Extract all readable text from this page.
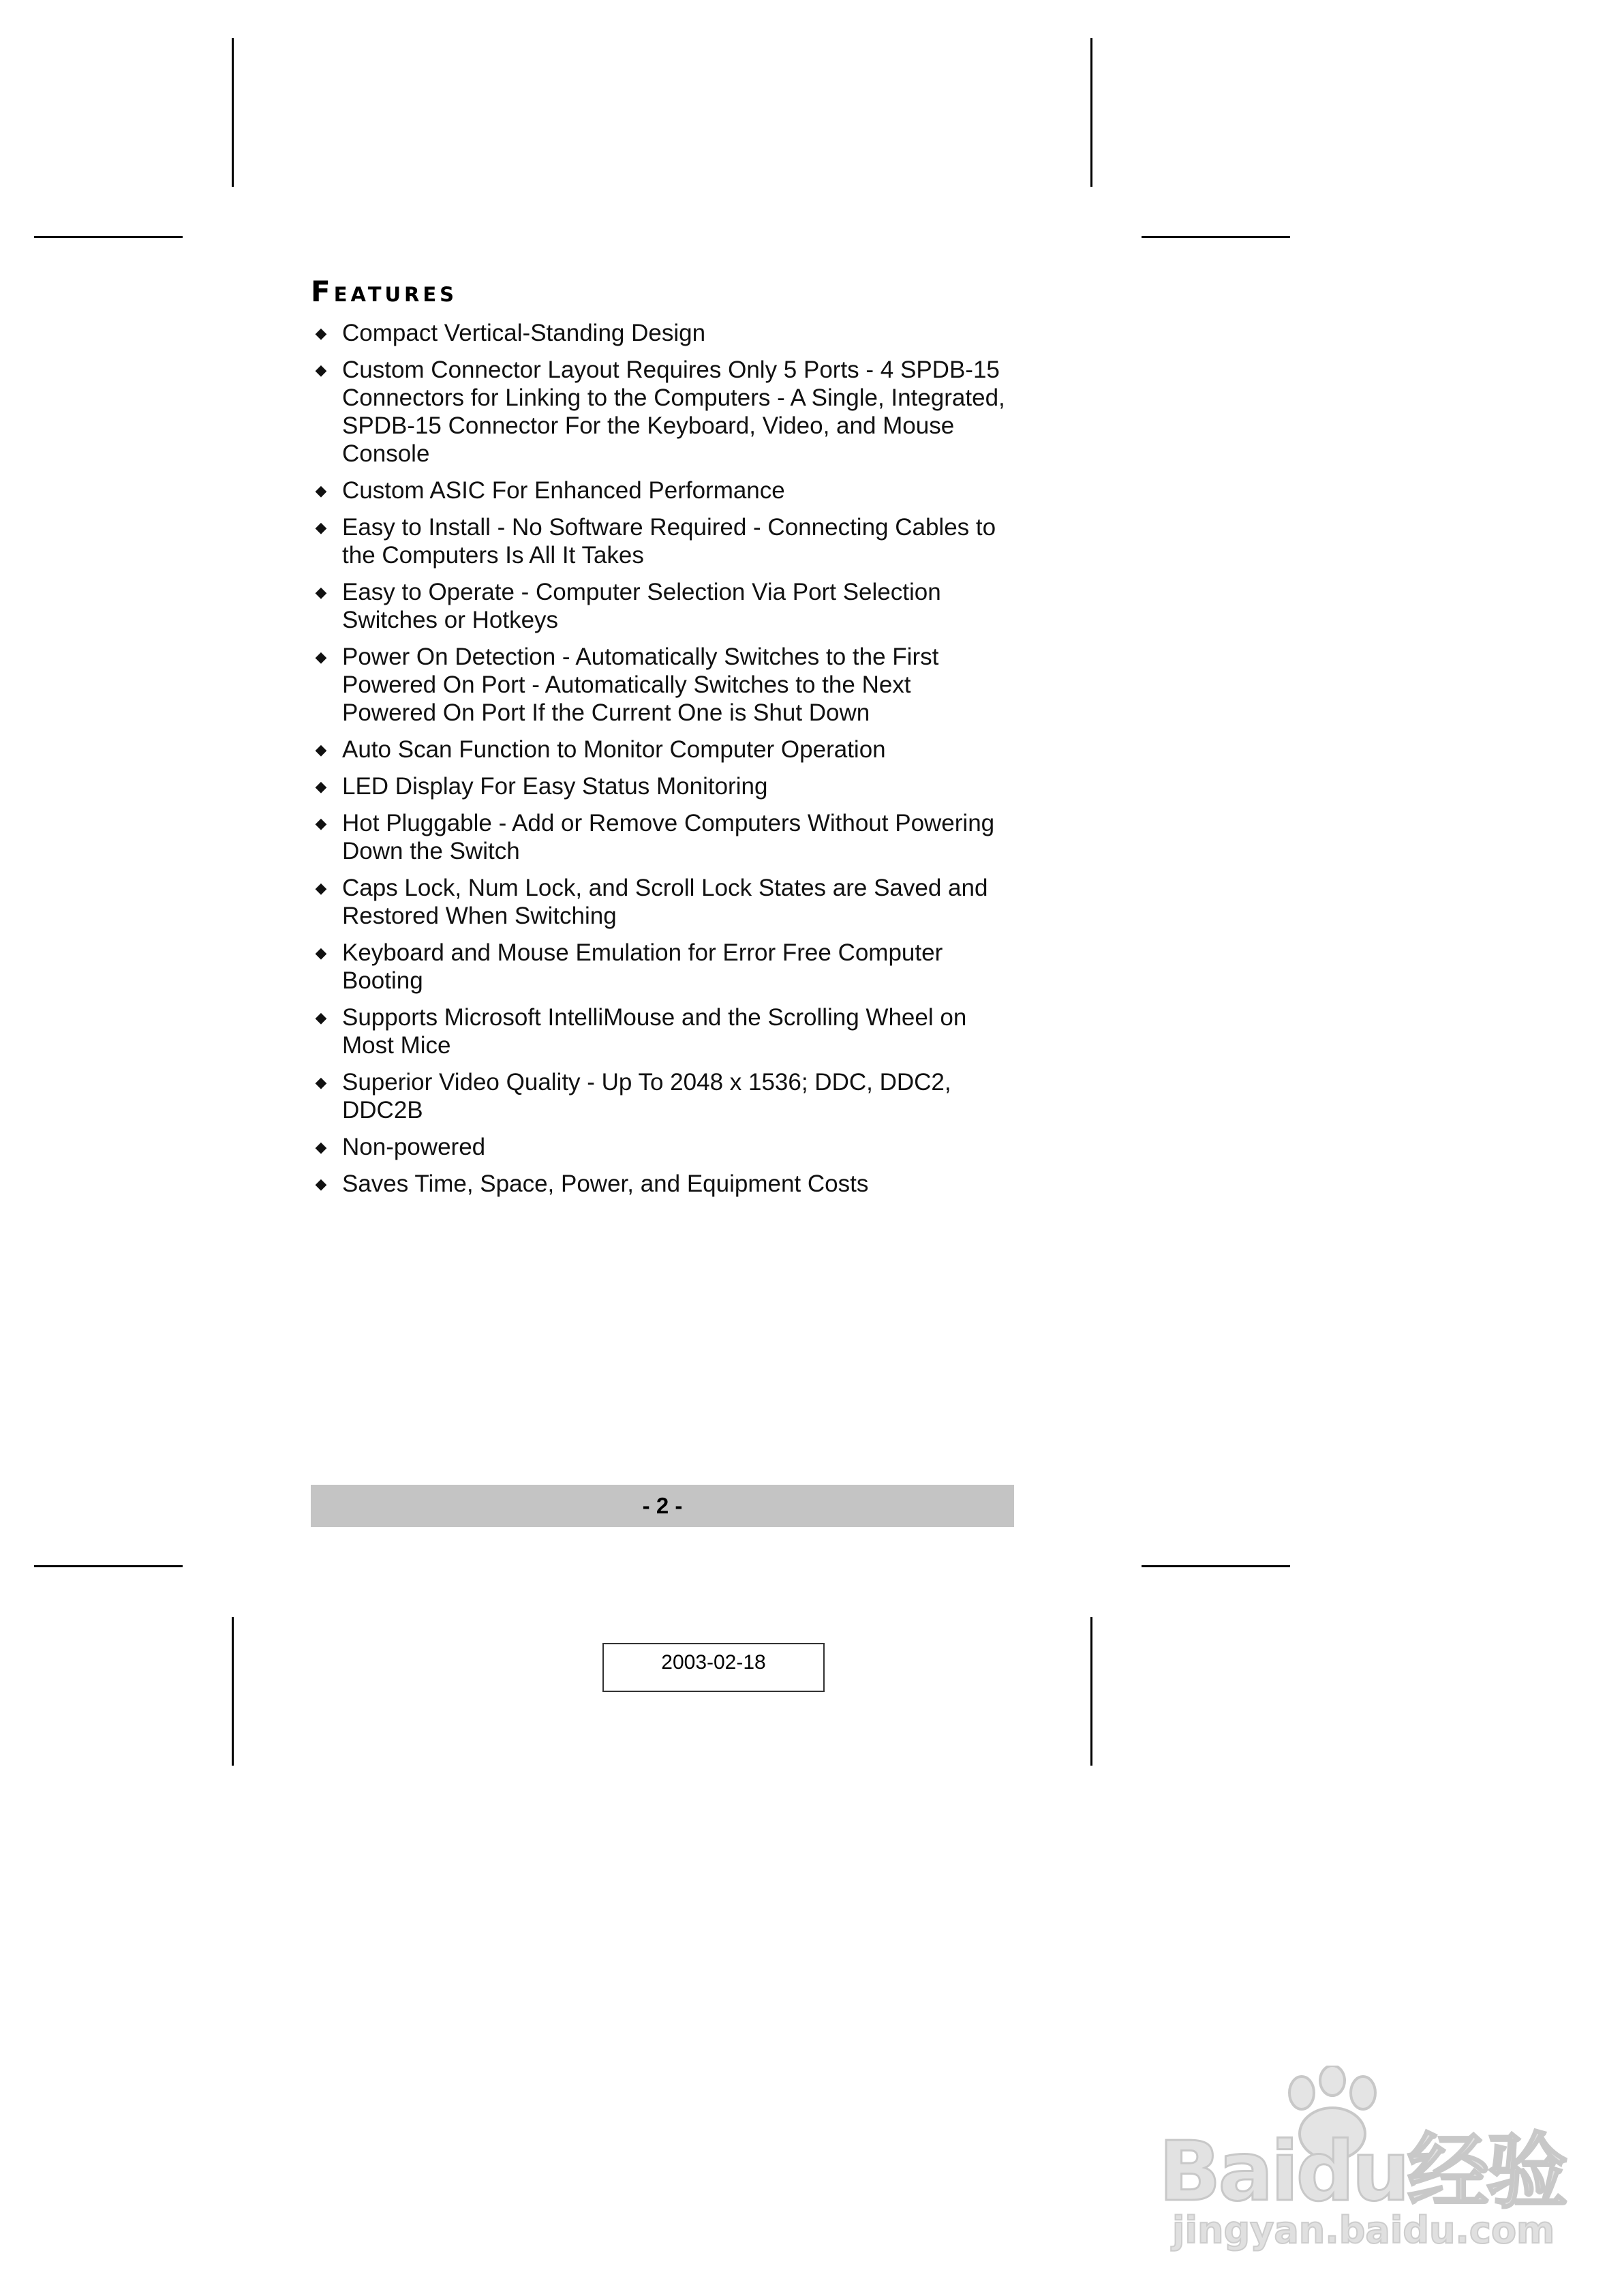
Features
◆ Compact Vertical-Standing Design
◆ Custom Connector Layout Requires Only 5 Ports - 4 SPDB-15 Connectors for Linking to the Computers - A Single, Integrated, SPDB-15 Connector For the Keyboard, Video, and Mouse Console
◆ Custom ASIC For Enhanced Performance
◆ Easy to Install - No Software Required - Connecting Cables to the Computers Is All It Takes
◆ Easy to Operate - Computer Selection Via Port Selection Switches or Hotkeys
◆ Power On Detection - Automatically Switches to the First Powered On Port - Automatically Switches to the Next Powered On Port If the Current One is Shut Down
◆ Auto Scan Function to Monitor Computer Operation
◆ LED Display For Easy Status Monitoring
◆ Hot Pluggable - Add or Remove Computers Without Powering Down the Switch
◆ Caps Lock, Num Lock, and Scroll Lock States are Saved and Restored When Switching
◆ Keyboard and Mouse Emulation for Error Free Computer Booting
◆ Supports Microsoft IntelliMouse and the Scrolling Wheel on Most Mice
◆ Superior Video Quality - Up To 2048 x 1536; DDC, DDC2, DDC2B
◆ Non-powered
◆ Saves Time, Space, Power, and Equipment Costs
- 2 -
2003-02-18
Baidu经验
jingyan.baidu.com
